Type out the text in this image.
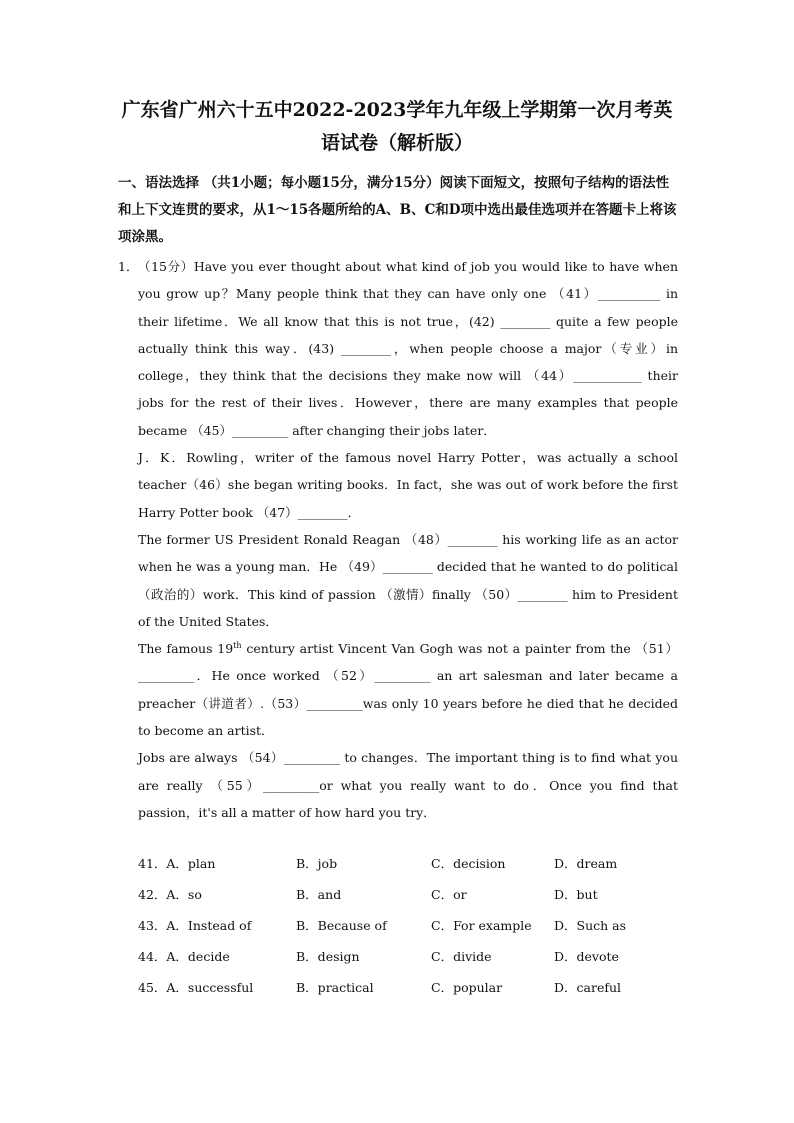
广东省广州六十五中2022-2023学年九年级上学期第一次月考英
语试卷（解析版）
一、语法选择 （共1小题；每小题15分，满分15分）阅读下面短文，按照句子结构的语法性和上下文连贯的要求，从1～15各题所给的A、B、C和D项中选出最佳选项并在答题卡上将该项涂黑。
1． （15分）Have you ever thought about what kind of job you would like to have when you grow up？Many people think that they can have only one （41）__________ in their lifetime．We all know that this is not true，(42) ________ quite a few people actually think this way．(43) ________，when people choose a major（专业）in college，they think that the decisions they make now will （44）___________ their jobs for the rest of their lives．However，there are many examples that people became （45）_________ after changing their jobs later．

J．K．Rowling，writer of the famous novel Harry Potter，was actually a school teacher（46）she began writing books．In fact，she was out of work before the first Harry Potter book （47）________．

The former US President Ronald Reagan （48）________ his working life as an actor when he was a young man．He （49）________ decided that he wanted to do political（政治的）work．This kind of passion （激情）finally （50）________ him to President of the United States．

The famous 19th century artist Vincent Van Gogh was not a painter from the （51）_________．He once worked （52）_________ an art salesman and later became a preacher（讲道者）.（53）_________was only 10 years before he died that he decided to become an artist．

Jobs are always （54）_________ to changes．The important thing is to find what you are really （55）_________or what you really want to do．Once you find that passion，it's all a matter of how hard you try．

41．A．plan	B．job	C．decision	D．dream
42．A．so	B．and	C．or	D．but
43．A．Instead of	B．Because of	C．For example D．Such as
44．A．decide	B．design	C．divide	D．devote
45．A．successful	B．practical	C．popular	D．careful
